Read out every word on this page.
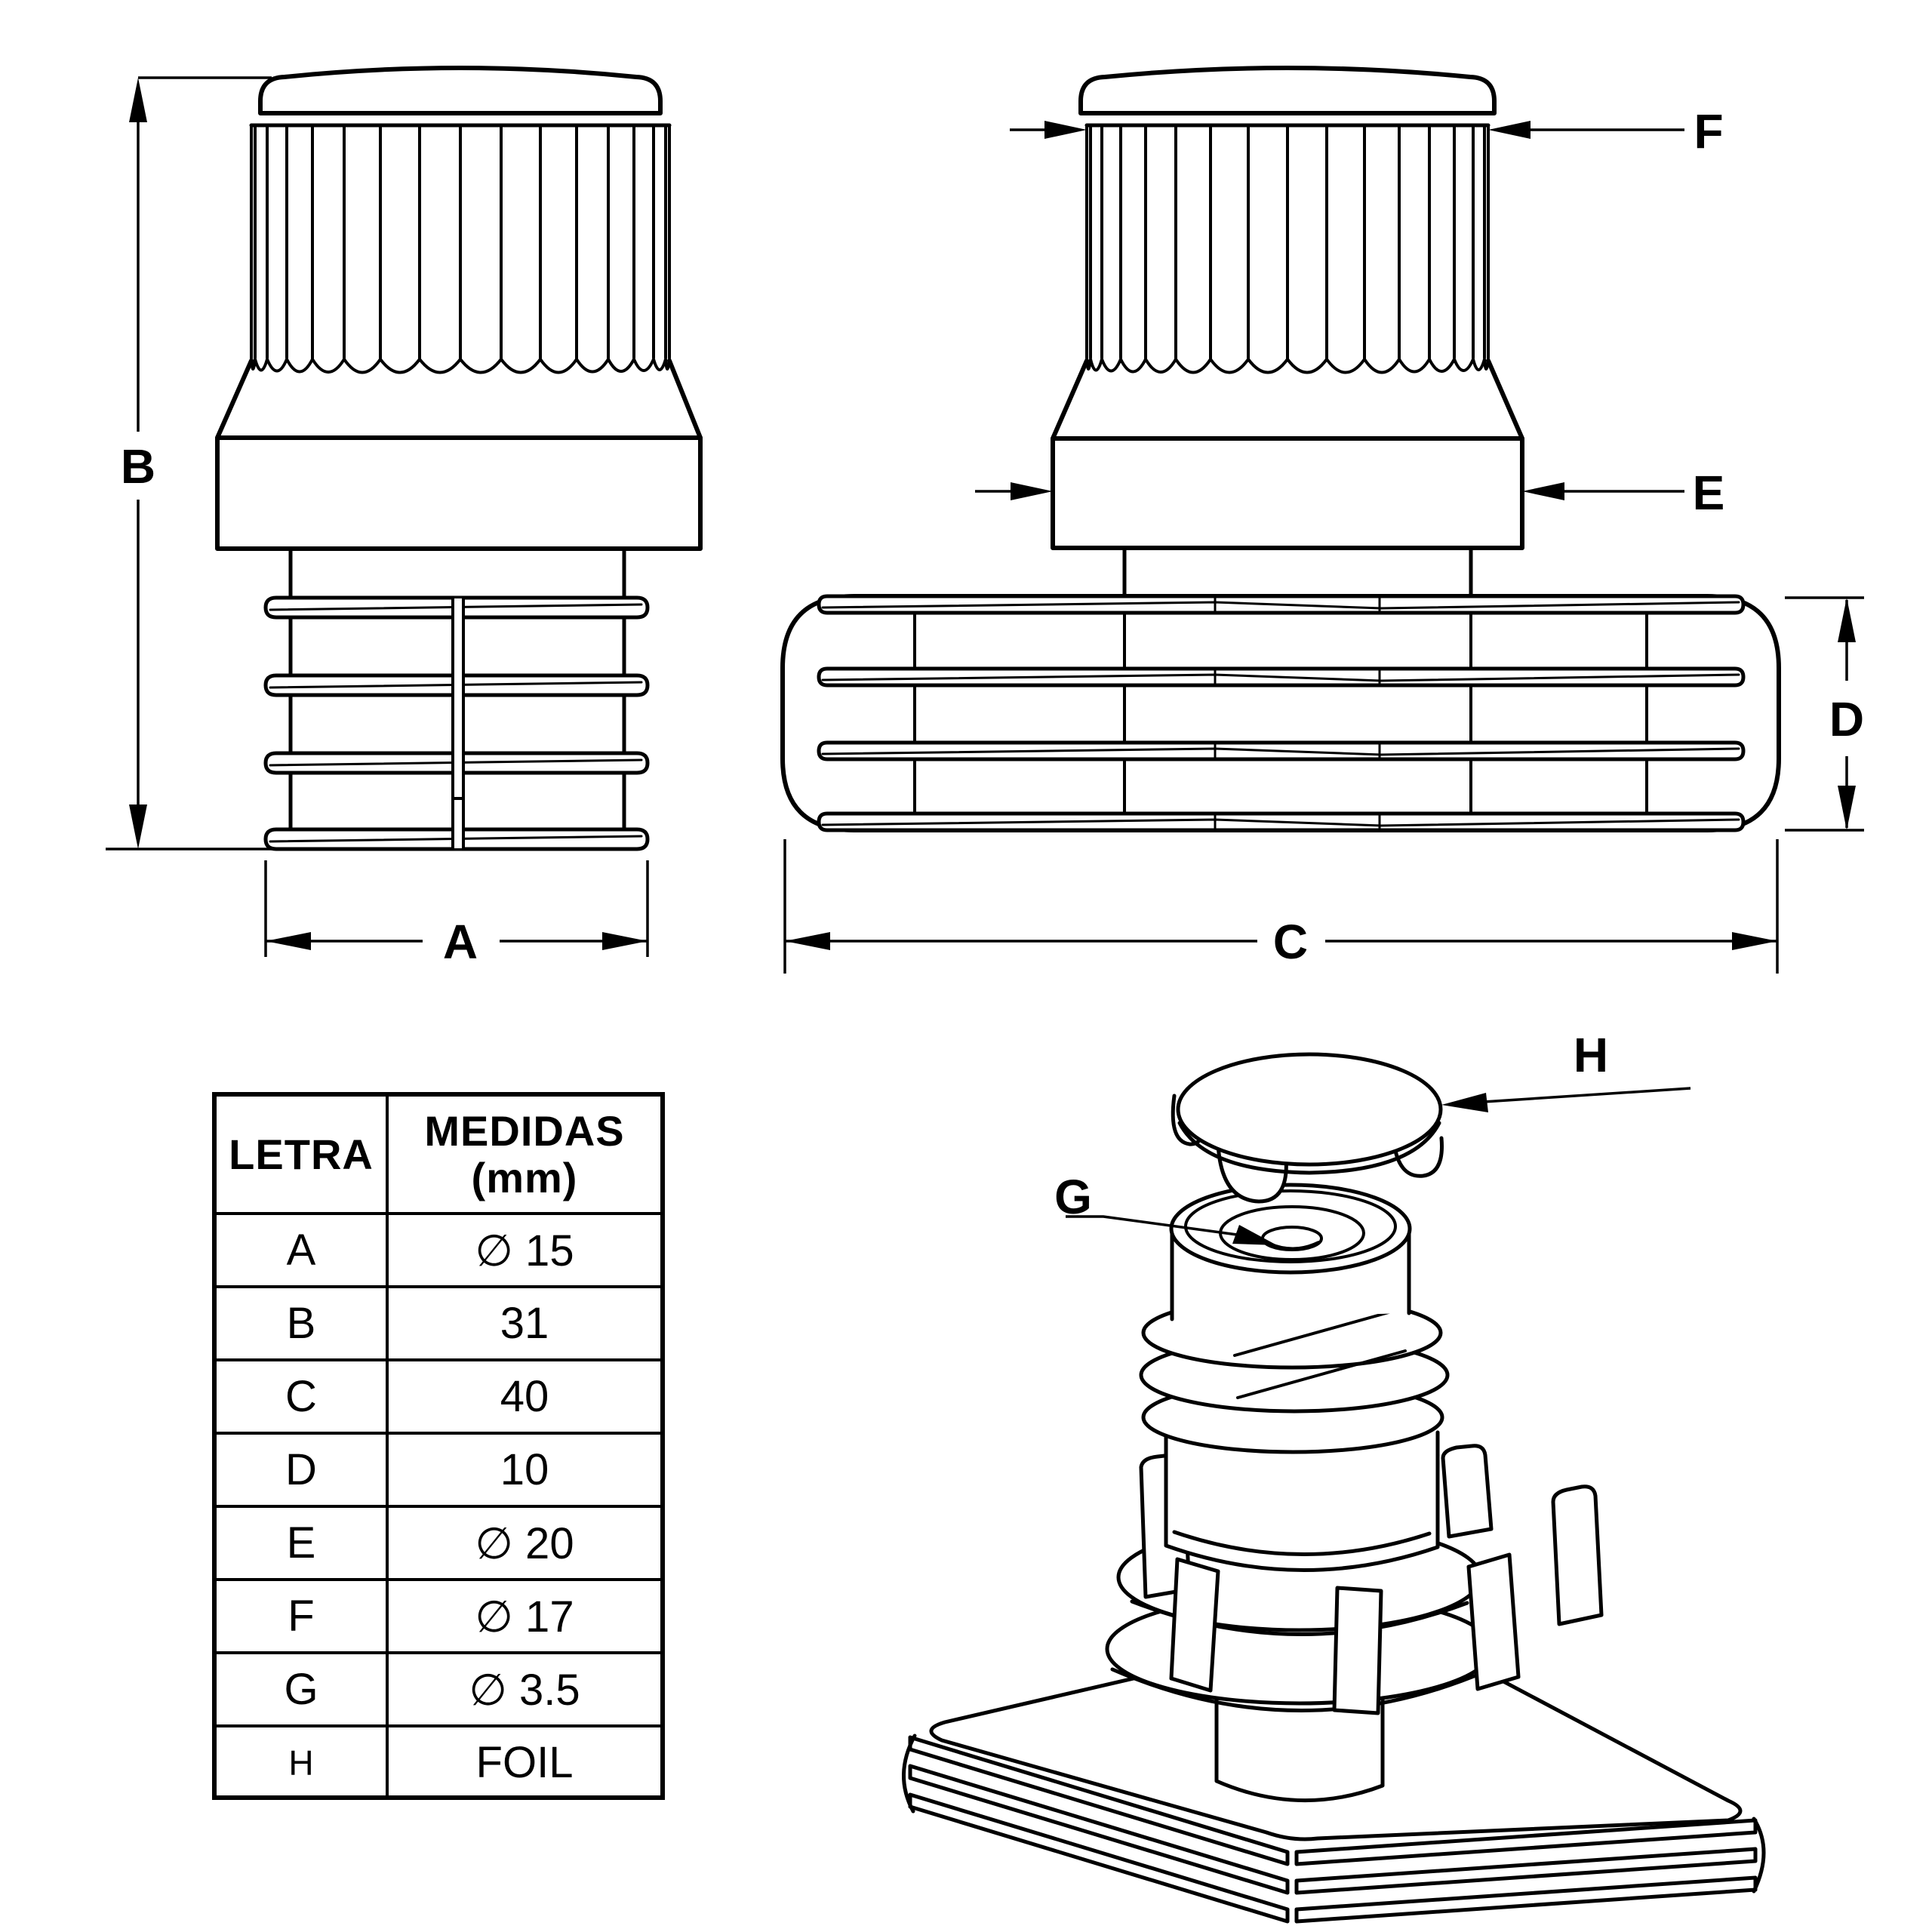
B
A
F
E
D
C
H
G
LETRA MEDIDAS
(mm)
A	∅ 15
B	31
C	40
D	10
E	∅ 20
F	∅ 17
G	∅ 3.5
H	FOIL
